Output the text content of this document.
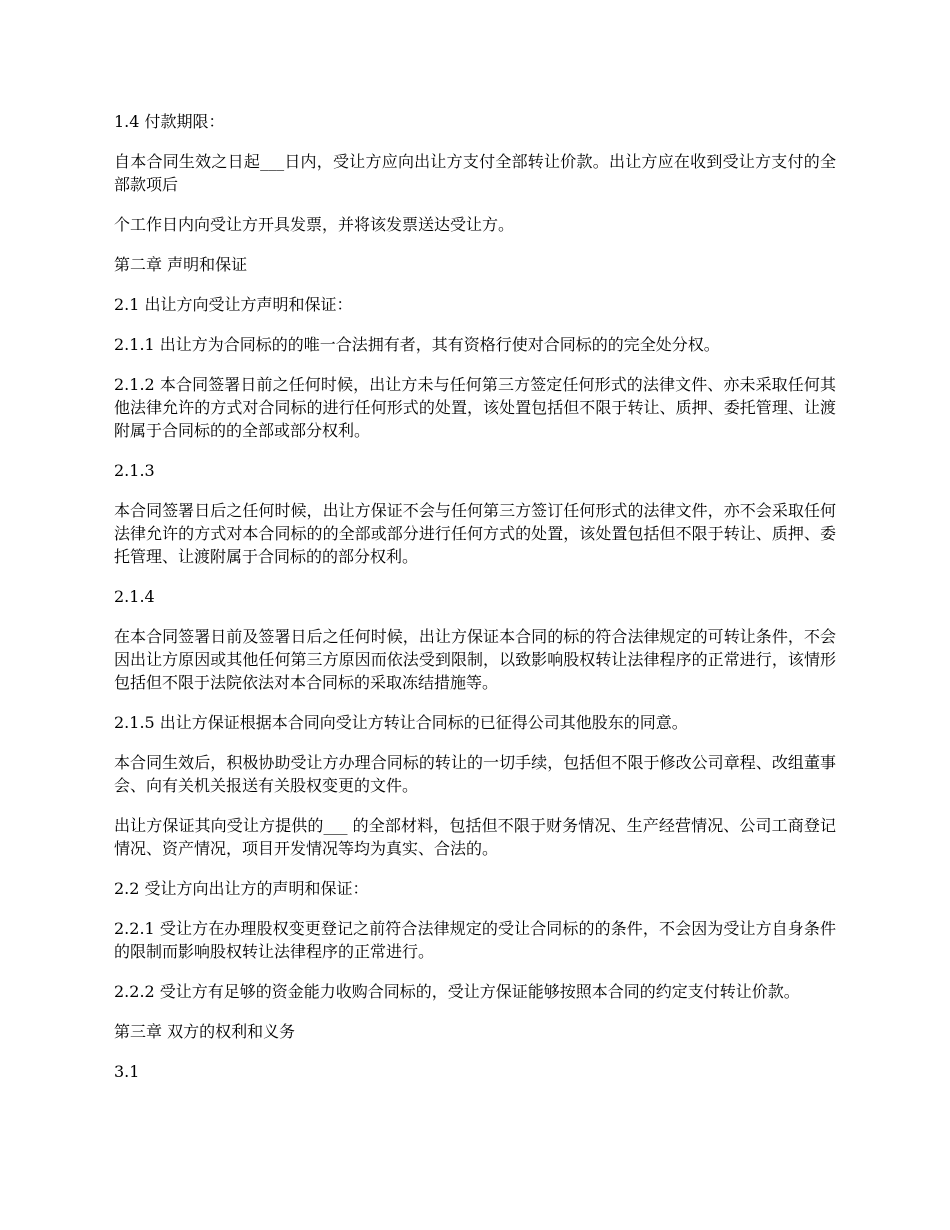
1.4 付款期限：

自本合同生效之日起___日内，受让方应向出让方支付全部转让价款。出让方应在收到受让方支付的全部款项后

个工作日内向受让方开具发票，并将该发票送达受让方。

第二章 声明和保证

2.1 出让方向受让方声明和保证：

2.1.1 出让方为合同标的的唯一合法拥有者，其有资格行使对合同标的的完全处分权。

2.1.2 本合同签署日前之任何时候，出让方未与任何第三方签定任何形式的法律文件、亦未采取任何其他法律允许的方式对合同标的进行任何形式的处置，该处置包括但不限于转让、质押、委托管理、让渡附属于合同标的的全部或部分权利。

2.1.3

本合同签署日后之任何时候，出让方保证不会与任何第三方签订任何形式的法律文件，亦不会采取任何法律允许的方式对本合同标的的全部或部分进行任何方式的处置，该处置包括但不限于转让、质押、委托管理、让渡附属于合同标的的部分权利。

2.1.4

在本合同签署日前及签署日后之任何时候，出让方保证本合同的标的符合法律规定的可转让条件，不会因出让方原因或其他任何第三方原因而依法受到限制，以致影响股权转让法律程序的正常进行，该情形包括但不限于法院依法对本合同标的采取冻结措施等。

2.1.5 出让方保证根据本合同向受让方转让合同标的已征得公司其他股东的同意。

本合同生效后，积极协助受让方办理合同标的转让的一切手续，包括但不限于修改公司章程、改组董事会、向有关机关报送有关股权变更的文件。

出让方保证其向受让方提供的___ 的全部材料，包括但不限于财务情况、生产经营情况、公司工商登记情况、资产情况，项目开发情况等均为真实、合法的。

2.2 受让方向出让方的声明和保证：

2.2.1 受让方在办理股权变更登记之前符合法律规定的受让合同标的的条件，不会因为受让方自身条件的限制而影响股权转让法律程序的正常进行。

2.2.2 受让方有足够的资金能力收购合同标的，受让方保证能够按照本合同的约定支付转让价款。

第三章 双方的权利和义务

3.1
